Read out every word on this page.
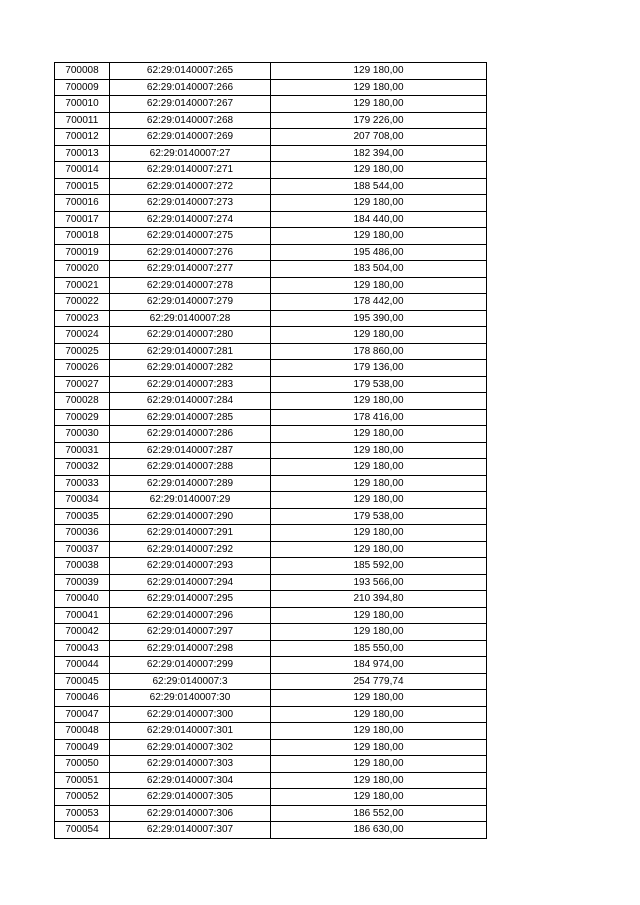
700008	62:29:0140007:265	129 180,00
700009	62:29:0140007:266	129 180,00
700010	62:29:0140007:267	129 180,00
700011	62:29:0140007:268	179 226,00
700012	62:29:0140007:269	207 708,00
700013	62:29:0140007:27	182 394,00
700014	62:29:0140007:271	129 180,00
700015	62:29:0140007:272	188 544,00
700016	62:29:0140007:273	129 180,00
700017	62:29:0140007:274	184 440,00
700018	62:29:0140007:275	129 180,00
700019	62:29:0140007:276	195 486,00
700020	62:29:0140007:277	183 504,00
700021	62:29:0140007:278	129 180,00
700022	62:29:0140007:279	178 442,00
700023	62:29:0140007:28	195 390,00
700024	62:29:0140007:280	129 180,00
700025	62:29:0140007:281	178 860,00
700026	62:29:0140007:282	179 136,00
700027	62:29:0140007:283	179 538,00
700028	62:29:0140007:284	129 180,00
700029	62:29:0140007:285	178 416,00
700030	62:29:0140007:286	129 180,00
700031	62:29:0140007:287	129 180,00
700032	62:29:0140007:288	129 180,00
700033	62:29:0140007:289	129 180,00
700034	62:29:0140007:29	129 180,00
700035	62:29:0140007:290	179 538,00
700036	62:29:0140007:291	129 180,00
700037	62:29:0140007:292	129 180,00
700038	62:29:0140007:293	185 592,00
700039	62:29:0140007:294	193 566,00
700040	62:29:0140007:295	210 394,80
700041	62:29:0140007:296	129 180,00
700042	62:29:0140007:297	129 180,00
700043	62:29:0140007:298	185 550,00
700044	62:29:0140007:299	184 974,00
700045	62:29:0140007:3	254 779,74
700046	62:29:0140007:30	129 180,00
700047	62:29:0140007:300	129 180,00
700048	62:29:0140007:301	129 180,00
700049	62:29:0140007:302	129 180,00
700050	62:29:0140007:303	129 180,00
700051	62:29:0140007:304	129 180,00
700052	62:29:0140007:305	129 180,00
700053	62:29:0140007:306	186 552,00
700054	62:29:0140007:307	186 630,00
